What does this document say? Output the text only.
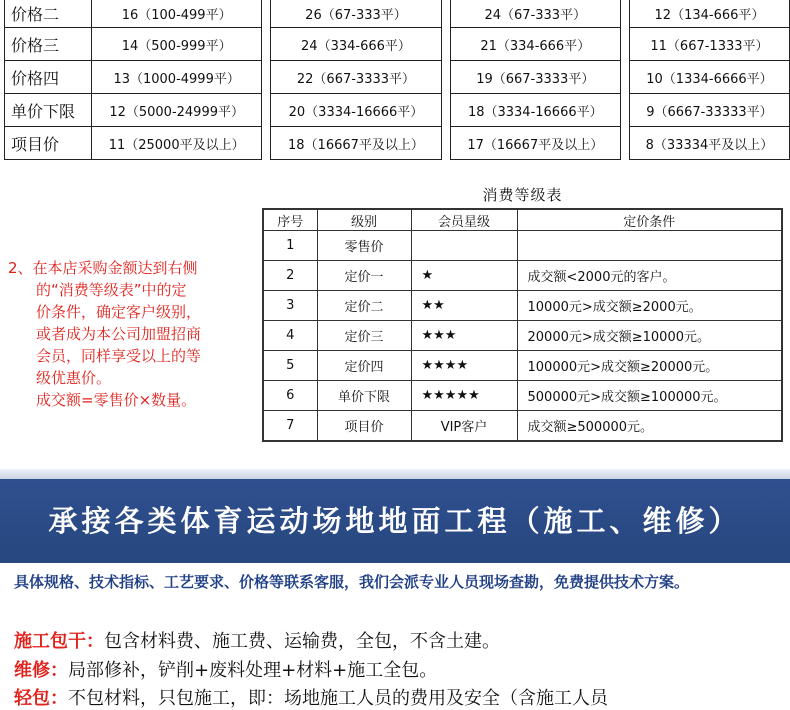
价格二	16（100-499平）		26（67-333平）		24（67-333平）		12（134-666平）
价格三	14（500-999平）		24（334-666平）		21（334-666平）		11（667-1333平）
价格四	13（1000-4999平）		22（667-3333平）		19（667-3333平）		10（1334-6666平）
单价下限	12（5000-24999平）		20（3334-16666平）		18（3334-16666平）		9（6667-33333平）
项目价	11（25000平及以上）		18（16667平及以上）		17（16667平及以上）		8（33334平及以上）

2、在本店采购金额达到右侧

的“消费等级表”中的定

价条件，确定客户级别，

或者成为本公司加盟招商

会员，同样享受以上的等

级优惠价。

成交额=零售价×数量。

消费等级表
序号	级别	会员星级	定价条件
1	零售价		
2	定价一	★	成交额<2000元的客户。
3	定价二	★★	10000元>成交额≥2000元。
4	定价三	★★★	20000元>成交额≥10000元。
5	定价四	★★★★	100000元>成交额≥20000元。
6	单价下限	★★★★★	500000元>成交额≥100000元。
7	项目价	VIP客户	成交额≥500000元。
承接各类体育运动场地地面工程（施工、维修）
具体规格、技术指标、工艺要求、价格等联系客服，我们会派专业人员现场查勘，免费提供技术方案。
施工包干：包含材料费、施工费、运输费，全包，不含土建。
维修：局部修补，铲削+废料处理+材料+施工全包。
轻包：不包材料，只包施工，即：场地施工人员的费用及安全（含施工人员
